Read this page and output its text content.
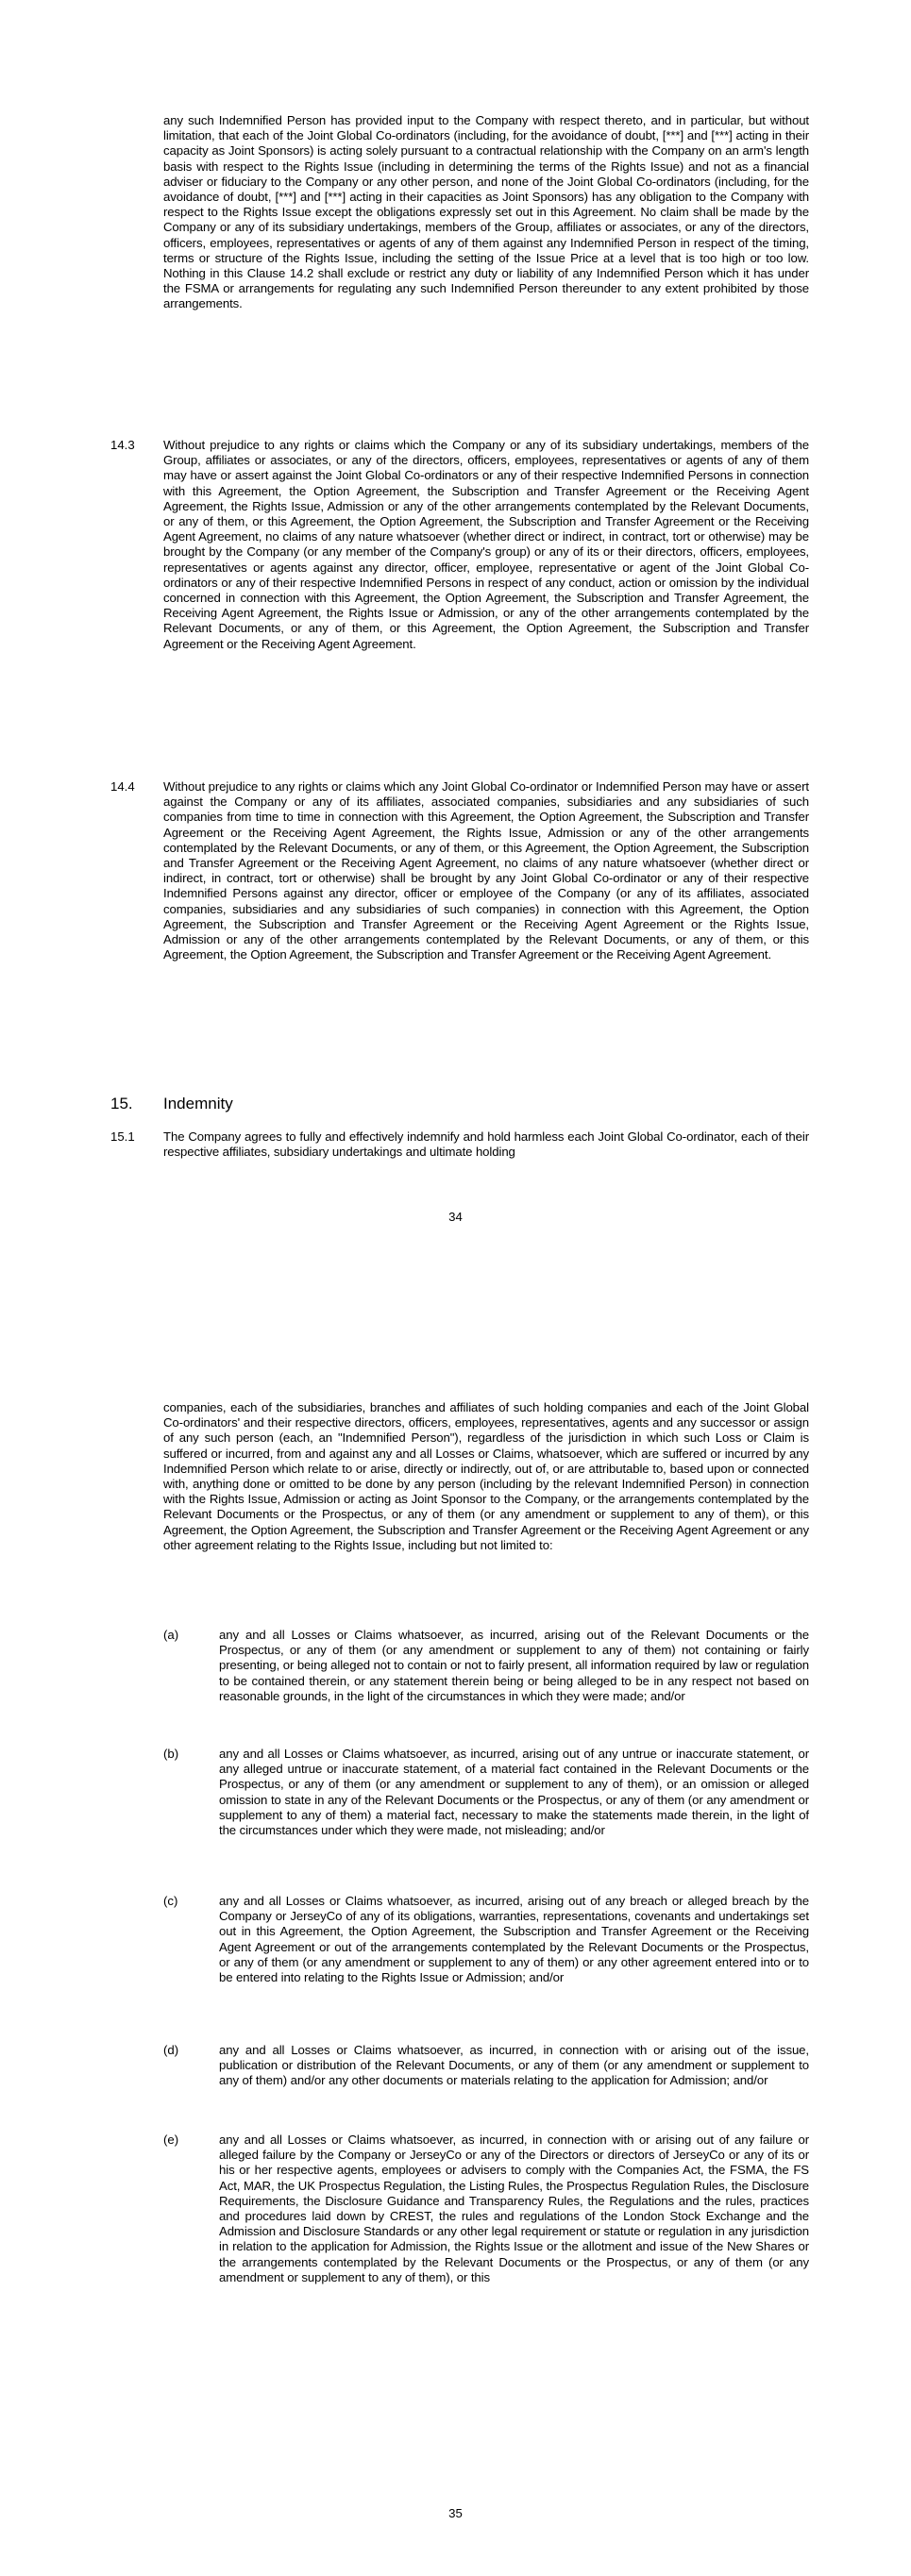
any such Indemnified Person has provided input to the Company with respect thereto, and in particular, but without limitation, that each of the Joint Global Co-ordinators (including, for the avoidance of doubt, [***] and [***] acting in their capacity as Joint Sponsors) is acting solely pursuant to a contractual relationship with the Company on an arm's length basis with respect to the Rights Issue (including in determining the terms of the Rights Issue) and not as a financial adviser or fiduciary to the Company or any other person, and none of the Joint Global Co-ordinators (including, for the avoidance of doubt, [***] and [***] acting in their capacities as Joint Sponsors) has any obligation to the Company with respect to the Rights Issue except the obligations expressly set out in this Agreement. No claim shall be made by the Company or any of its subsidiary undertakings, members of the Group, affiliates or associates, or any of the directors, officers, employees, representatives or agents of any of them against any Indemnified Person in respect of the timing, terms or structure of the Rights Issue, including the setting of the Issue Price at a level that is too high or too low. Nothing in this Clause 14.2 shall exclude or restrict any duty or liability of any Indemnified Person which it has under the FSMA or arrangements for regulating any such Indemnified Person thereunder to any extent prohibited by those arrangements.

14.3 Without prejudice to any rights or claims which the Company or any of its subsidiary undertakings, members of the Group, affiliates or associates, or any of the directors, officers, employees, representatives or agents of any of them may have or assert against the Joint Global Co-ordinators or any of their respective Indemnified Persons in connection with this Agreement, the Option Agreement, the Subscription and Transfer Agreement or the Receiving Agent Agreement, the Rights Issue, Admission or any of the other arrangements contemplated by the Relevant Documents, or any of them, or this Agreement, the Option Agreement, the Subscription and Transfer Agreement or the Receiving Agent Agreement, no claims of any nature whatsoever (whether direct or indirect, in contract, tort or otherwise) may be brought by the Company (or any member of the Company's group) or any of its or their directors, officers, employees, representatives or agents against any director, officer, employee, representative or agent of the Joint Global Co-ordinators or any of their respective Indemnified Persons in respect of any conduct, action or omission by the individual concerned in connection with this Agreement, the Option Agreement, the Subscription and Transfer Agreement, the Receiving Agent Agreement, the Rights Issue or Admission, or any of the other arrangements contemplated by the Relevant Documents, or any of them, or this Agreement, the Option Agreement, the Subscription and Transfer Agreement or the Receiving Agent Agreement.

14.4 Without prejudice to any rights or claims which any Joint Global Co-ordinator or Indemnified Person may have or assert against the Company or any of its affiliates, associated companies, subsidiaries and any subsidiaries of such companies from time to time in connection with this Agreement, the Option Agreement, the Subscription and Transfer Agreement or the Receiving Agent Agreement, the Rights Issue, Admission or any of the other arrangements contemplated by the Relevant Documents, or any of them, or this Agreement, the Option Agreement, the Subscription and Transfer Agreement or the Receiving Agent Agreement, no claims of any nature whatsoever (whether direct or indirect, in contract, tort or otherwise) shall be brought by any Joint Global Co-ordinator or any of their respective Indemnified Persons against any director, officer or employee of the Company (or any of its affiliates, associated companies, subsidiaries and any subsidiaries of such companies) in connection with this Agreement, the Option Agreement, the Subscription and Transfer Agreement or the Receiving Agent Agreement or the Rights Issue, Admission or any of the other arrangements contemplated by the Relevant Documents, or any of them, or this Agreement, the Option Agreement, the Subscription and Transfer Agreement or the Receiving Agent Agreement.

15. Indemnity

15.1 The Company agrees to fully and effectively indemnify and hold harmless each Joint Global Co-ordinator, each of their respective affiliates, subsidiary undertakings and ultimate holding

34

companies, each of the subsidiaries, branches and affiliates of such holding companies and each of the Joint Global Co-ordinators' and their respective directors, officers, employees, representatives, agents and any successor or assign of any such person (each, an "Indemnified Person"), regardless of the jurisdiction in which such Loss or Claim is suffered or incurred, from and against any and all Losses or Claims, whatsoever, which are suffered or incurred by any Indemnified Person which relate to or arise, directly or indirectly, out of, or are attributable to, based upon or connected with, anything done or omitted to be done by any person (including by the relevant Indemnified Person) in connection with the Rights Issue, Admission or acting as Joint Sponsor to the Company, or the arrangements contemplated by the Relevant Documents or the Prospectus, or any of them (or any amendment or supplement to any of them), or this Agreement, the Option Agreement, the Subscription and Transfer Agreement or the Receiving Agent Agreement or any other agreement relating to the Rights Issue, including but not limited to:

(a)	any and all Losses or Claims whatsoever, as incurred, arising out of the Relevant Documents or the Prospectus, or any of them (or any amendment or supplement to any of them) not containing or fairly presenting, or being alleged not to contain or not to fairly present, all information required by law or regulation to be contained therein, or any statement therein being or being alleged to be in any respect not based on reasonable grounds, in the light of the circumstances in which they were made; and/or

(b)	any and all Losses or Claims whatsoever, as incurred, arising out of any untrue or inaccurate statement, or any alleged untrue or inaccurate statement, of a material fact contained in the Relevant Documents or the Prospectus, or any of them (or any amendment or supplement to any of them), or an omission or alleged omission to state in any of the Relevant Documents or the Prospectus, or any of them (or any amendment or supplement to any of them) a material fact, necessary to make the statements made therein, in the light of the circumstances under which they were made, not misleading; and/or

(c)	any and all Losses or Claims whatsoever, as incurred, arising out of any breach or alleged breach by the Company or JerseyCo of any of its obligations, warranties, representations, covenants and undertakings set out in this Agreement, the Option Agreement, the Subscription and Transfer Agreement or the Receiving Agent Agreement or out of the arrangements contemplated by the Relevant Documents or the Prospectus, or any of them (or any amendment or supplement to any of them) or any other agreement entered into or to be entered into relating to the Rights Issue or Admission; and/or

(d)	any and all Losses or Claims whatsoever, as incurred, in connection with or arising out of the issue, publication or distribution of the Relevant Documents, or any of them (or any amendment or supplement to any of them) and/or any other documents or materials relating to the application for Admission; and/or

(e)	any and all Losses or Claims whatsoever, as incurred, in connection with or arising out of any failure or alleged failure by the Company or JerseyCo or any of the Directors or directors of JerseyCo or any of its or his or her respective agents, employees or advisers to comply with the Companies Act, the FSMA, the FS Act, MAR, the UK Prospectus Regulation, the Listing Rules, the Prospectus Regulation Rules, the Disclosure Requirements, the Disclosure Guidance and Transparency Rules, the Regulations and the rules, practices and procedures laid down by CREST, the rules and regulations of the London Stock Exchange and the Admission and Disclosure Standards or any other legal requirement or statute or regulation in any jurisdiction in relation to the application for Admission, the Rights Issue or the allotment and issue of the New Shares or the arrangements contemplated by the Relevant Documents or the Prospectus, or any of them (or any amendment or supplement to any of them), or this

35
